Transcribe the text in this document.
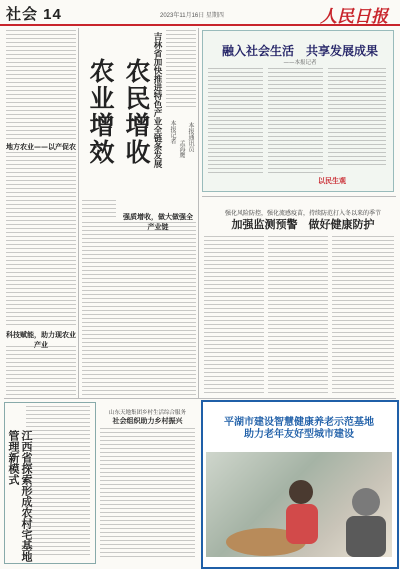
社会 14	2023年11月16日 星期四	人民日报
地方农业——以产促农
科技赋能，助力现农业产业
农业增效 农民增收 吉林省加快推进特色产业全链条发展 本报记者
孟海鹰 本报通讯员
强质增收，做大做强全产业链
融入社会生活　共享发展成果
——本报记者
以民生观
强化风险防控，强化流感疫苗，持续防范打入冬以来的季节
加强监测预警　做好健康防护
平湖市建设智慧健康养老示范基地
助力老年友好型城市建设
江西省探索形成农村宅基地管理新模式
山东天地集团乡村生活综合服务
社会组织助力乡村振兴
